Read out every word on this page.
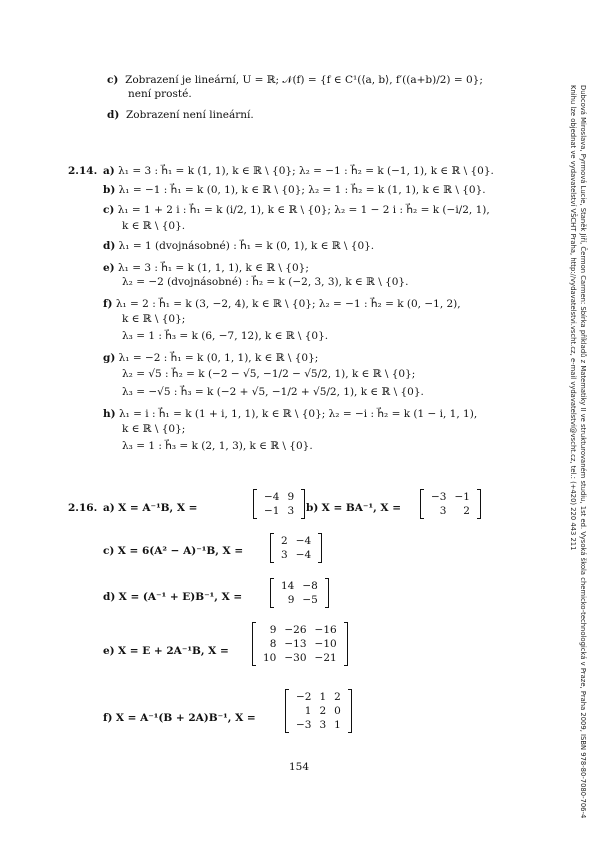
c) Zobrazení je lineární, U = ℝ; 𝒩(f) = {f ∈ C¹(⟨a, b⟩, f′((a+b)/2) = 0};
není prosté.
d) Zobrazení není lineární.
2.14. a) λ₁ = 3 : h⃗₁ = k (1, 1), k ∈ ℝ \ {0}; λ₂ = −1 : h⃗₂ = k (−1, 1), k ∈ ℝ \ {0}.
b) λ₁ = −1 : h⃗₁ = k (0, 1), k ∈ ℝ \ {0}; λ₂ = 1 : h⃗₂ = k (1, 1), k ∈ ℝ \ {0}.
c) λ₁ = 1 + 2 i : h⃗₁ = k (i/2, 1), k ∈ ℝ \ {0}; λ₂ = 1 − 2 i : h⃗₂ = k (−i/2, 1),
k ∈ ℝ \ {0}.
d) λ₁ = 1 (dvojnásobné) : h⃗₁ = k (0, 1), k ∈ ℝ \ {0}.
e) λ₁ = 3 : h⃗₁ = k (1, 1, 1), k ∈ ℝ \ {0};
λ₂ = −2 (dvojnásobné) : h⃗₂ = k (−2, 3, 3), k ∈ ℝ \ {0}.
f) λ₁ = 2 : h⃗₁ = k (3, −2, 4), k ∈ ℝ \ {0}; λ₂ = −1 : h⃗₂ = k (0, −1, 2),
k ∈ ℝ \ {0};
λ₃ = 1 : h⃗₃ = k (6, −7, 12), k ∈ ℝ \ {0}.
g) λ₁ = −2 : h⃗₁ = k (0, 1, 1), k ∈ ℝ \ {0};
λ₂ = √5 : h⃗₂ = k (−2 − √5, −1/2 − √5/2, 1), k ∈ ℝ \ {0};
λ₃ = −√5 : h⃗₃ = k (−2 + √5, −1/2 + √5/2, 1), k ∈ ℝ \ {0}.
h) λ₁ = i : h⃗₁ = k (1 + i, 1, 1), k ∈ ℝ \ {0}; λ₂ = −i : h⃗₂ = k (1 − i, 1, 1),
k ∈ ℝ \ {0};
λ₃ = 1 : h⃗₃ = k (2, 1, 3), k ∈ ℝ \ {0}.
2.16. a) X = A⁻¹B, X =
−4	9
−1	3 b) X = BA⁻¹, X =
−3	−1
3	2
c) X = 6(A² − A)⁻¹B, X =
2	−4
3	−4
d) X = (A⁻¹ + E)B⁻¹, X =
14	−8
9	−5
e) X = E + 2A⁻¹B, X =
9	−26	−16
8	−13	−10
10	−30	−21
f) X = A⁻¹(B + 2A)B⁻¹, X =
−2	1	2
1	2	0
−3	3	1
154	Dubcová Miroslava, Pyrmová Lucie, Staněk Jiří, Čermon Carmen: Sbírka příkladů z Matematiky II ve strukturovaném studiu, 1st ed. Vysoká škola chemicko-technologická v Praze, Praha 2009, ISBN 978-80-7080-706-4
Knihu lze objednat ve vydavatelství VŠCHT Praha, http://vydavatelstvi.vscht.cz, e-mail vydavatelstvi@vscht.cz, tel.: (+420) 220 443 211
